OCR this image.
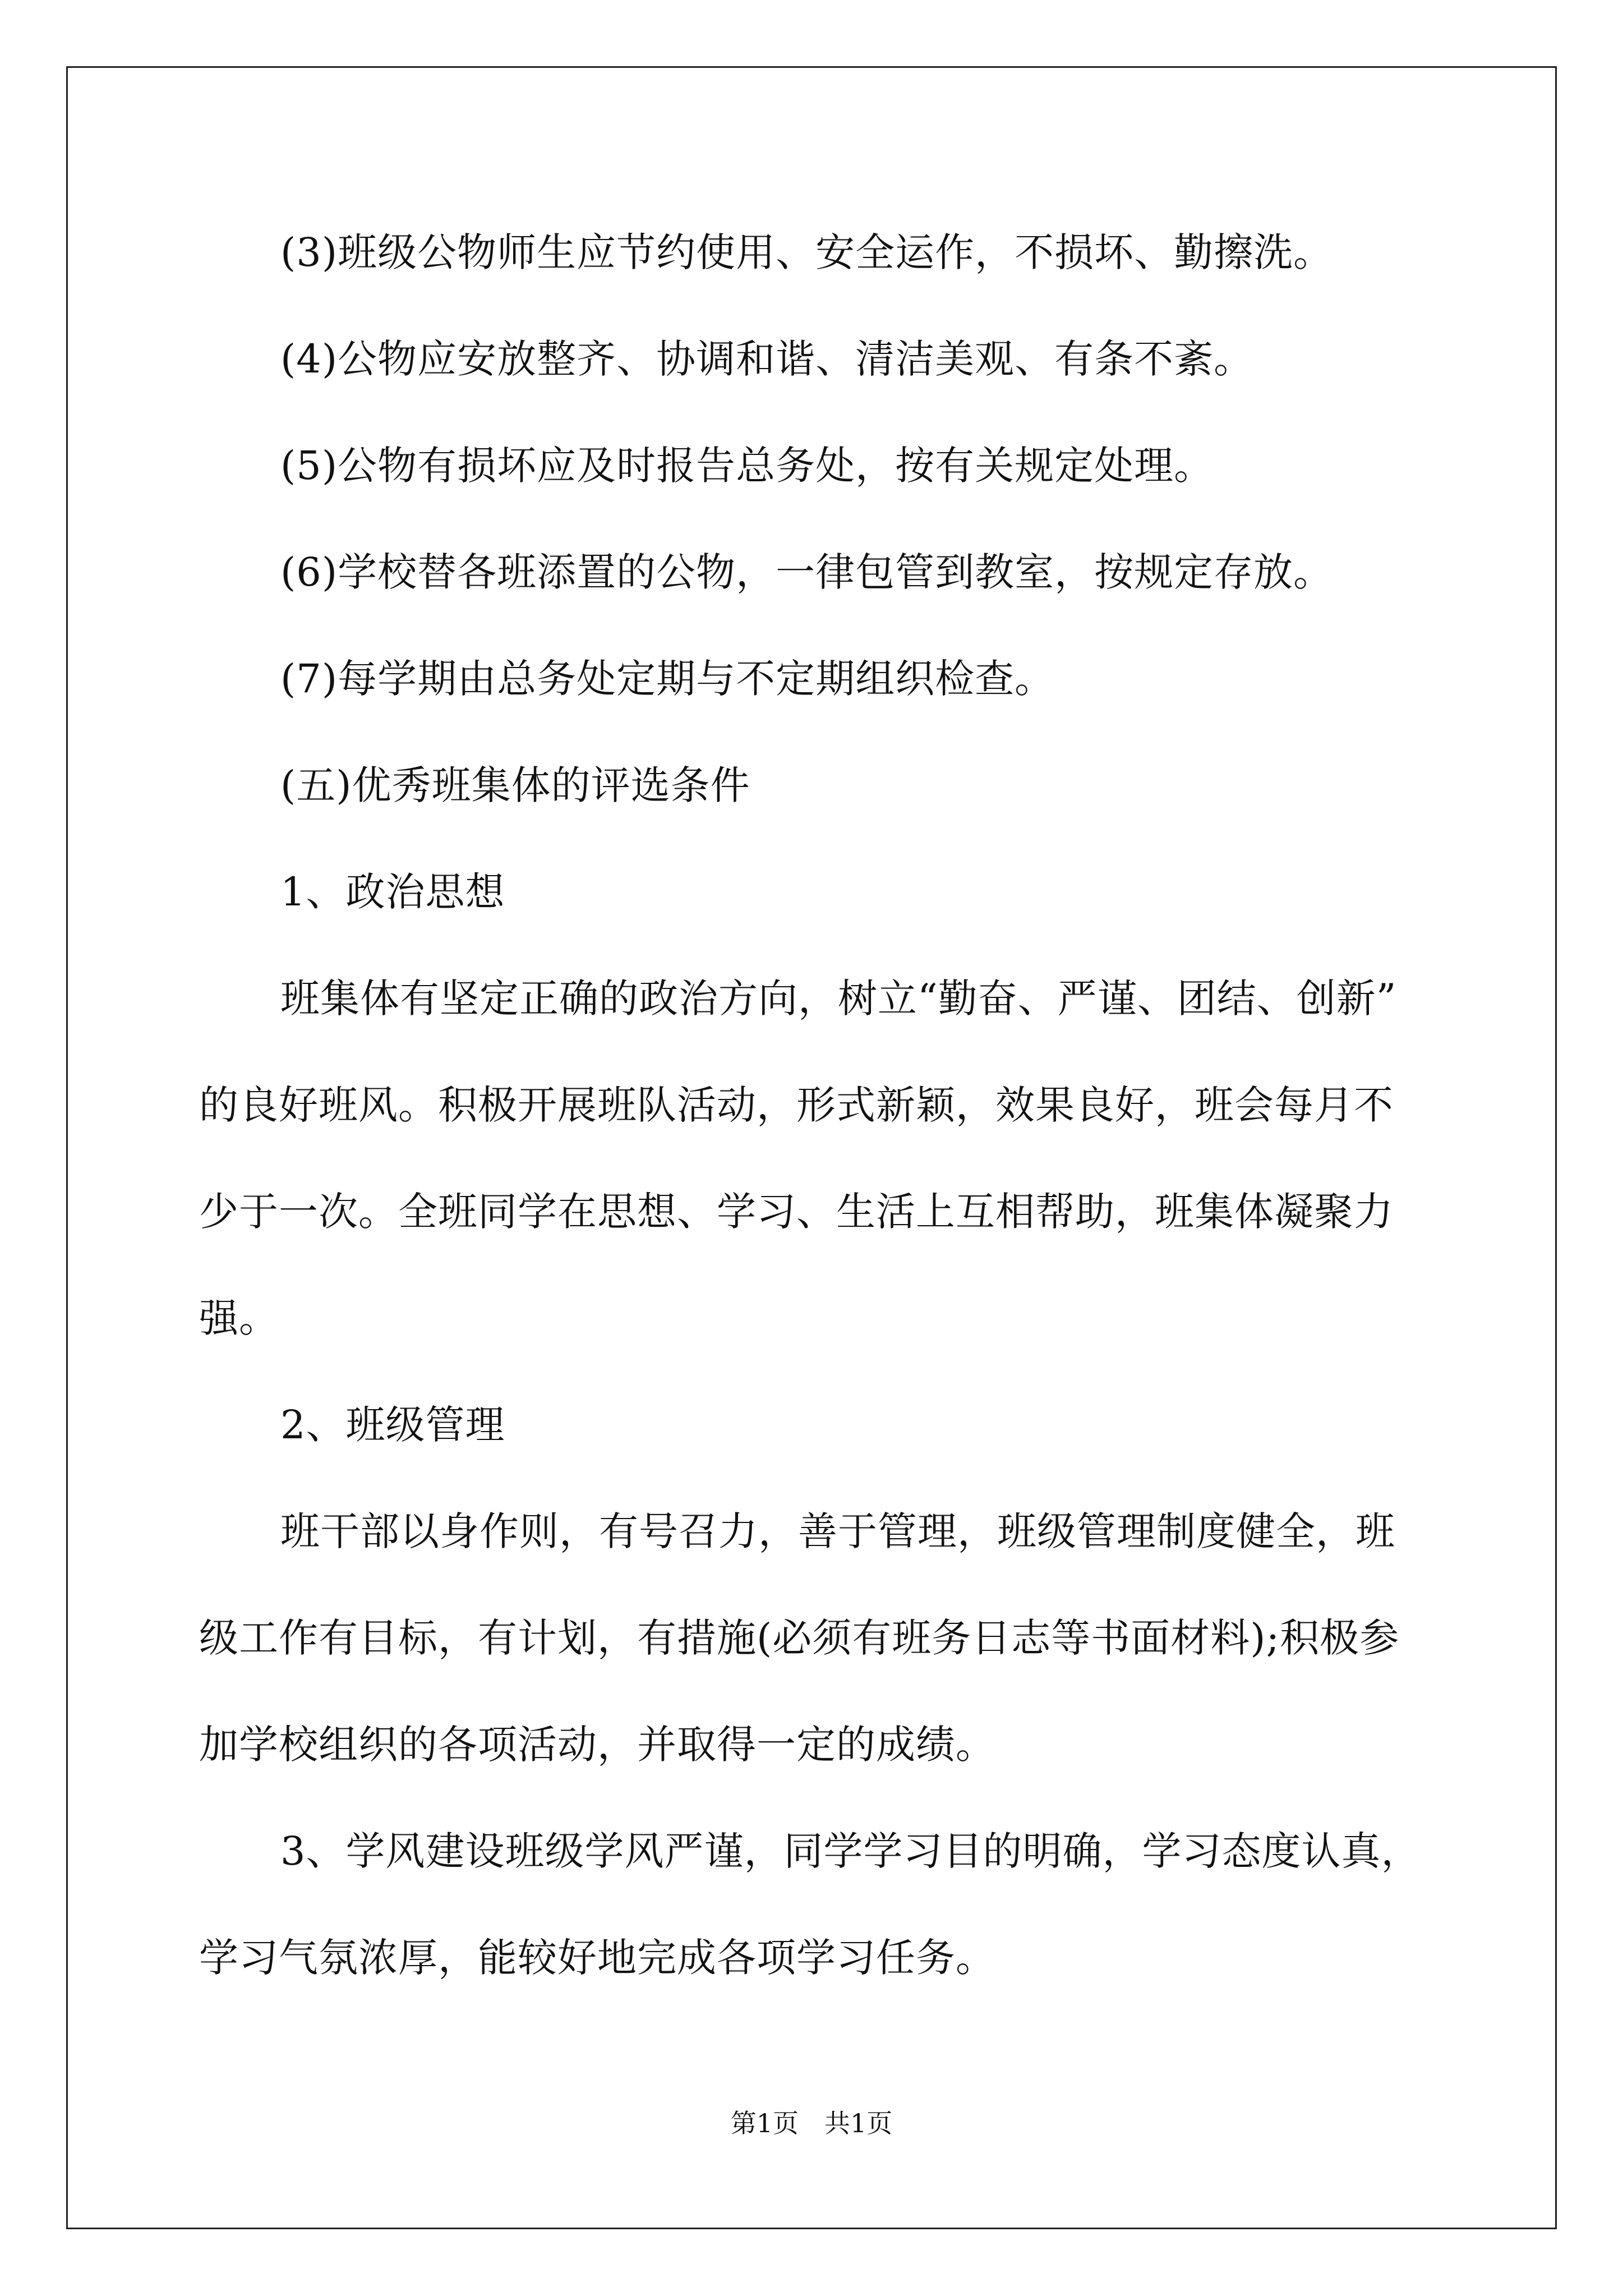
(3)班级公物师生应节约使用、安全运作，不损坏、勤擦洗。
(4)公物应安放整齐、协调和谐、清洁美观、有条不紊。
(5)公物有损坏应及时报告总务处，按有关规定处理。
(6)学校替各班添置的公物，一律包管到教室，按规定存放。
(7)每学期由总务处定期与不定期组织检查。
(五)优秀班集体的评选条件
1、政治思想
班集体有坚定正确的政治方向，树立“勤奋、严谨、团结、创新”
的良好班风。积极开展班队活动，形式新颖，效果良好，班会每月不
少于一次。全班同学在思想、学习、生活上互相帮助，班集体凝聚力
强。
2、班级管理
班干部以身作则，有号召力，善于管理，班级管理制度健全，班
级工作有目标，有计划，有措施(必须有班务日志等书面材料);积极参
加学校组织的各项活动，并取得一定的成绩。
3、学风建设班级学风严谨，同学学习目的明确，学习态度认真，
学习气氛浓厚，能较好地完成各项学习任务。
第1页　共1页
